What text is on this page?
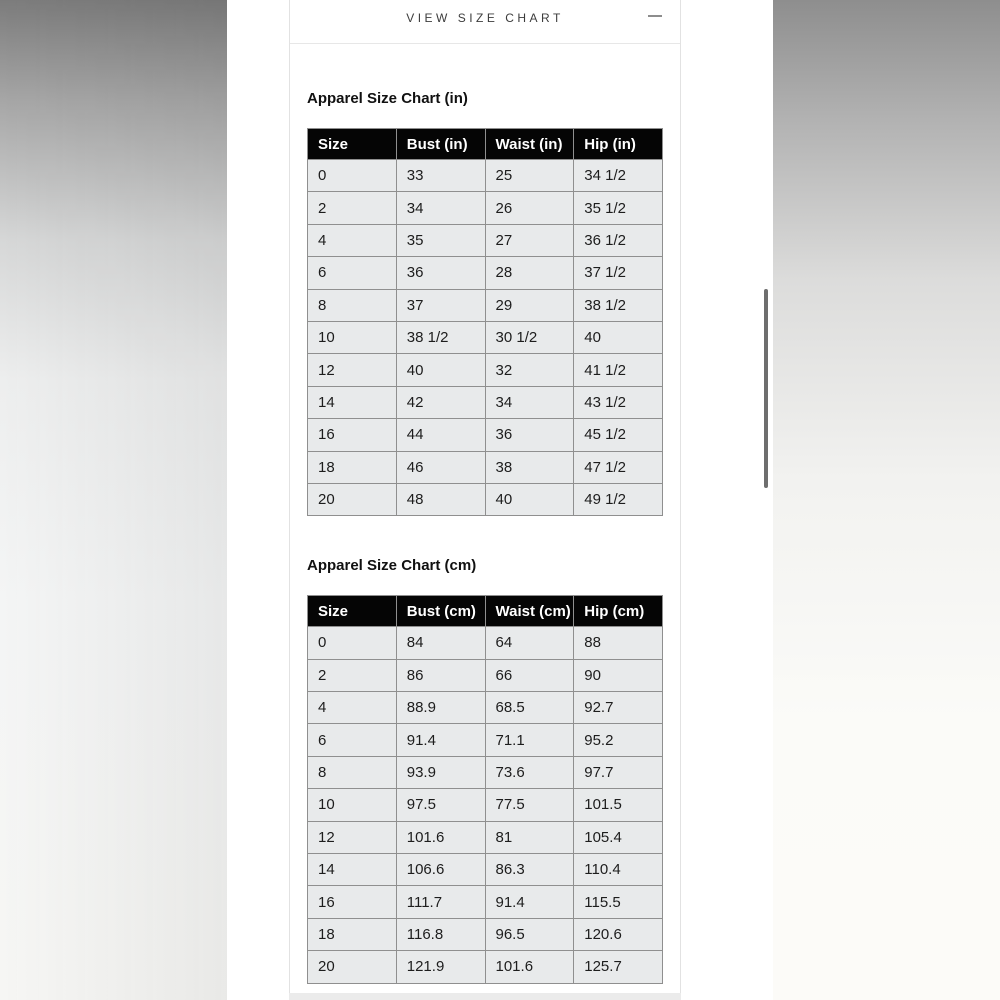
VIEW SIZE CHART
Apparel Size Chart (in)
Size	Bust (in)	Waist (in)	Hip (in)
0	33	25	34 1/2
2	34	26	35 1/2
4	35	27	36 1/2
6	36	28	37 1/2
8	37	29	38 1/2
10	38 1/2	30 1/2	40
12	40	32	41 1/2
14	42	34	43 1/2
16	44	36	45 1/2
18	46	38	47 1/2
20	48	40	49 1/2
Apparel Size Chart (cm)
Size	Bust (cm)	Waist (cm)	Hip (cm)
0	84	64	88
2	86	66	90
4	88.9	68.5	92.7
6	91.4	71.1	95.2
8	93.9	73.6	97.7
10	97.5	77.5	101.5
12	101.6	81	105.4
14	106.6	86.3	110.4
16	111.7	91.4	115.5
18	116.8	96.5	120.6
20	121.9	101.6	125.7
